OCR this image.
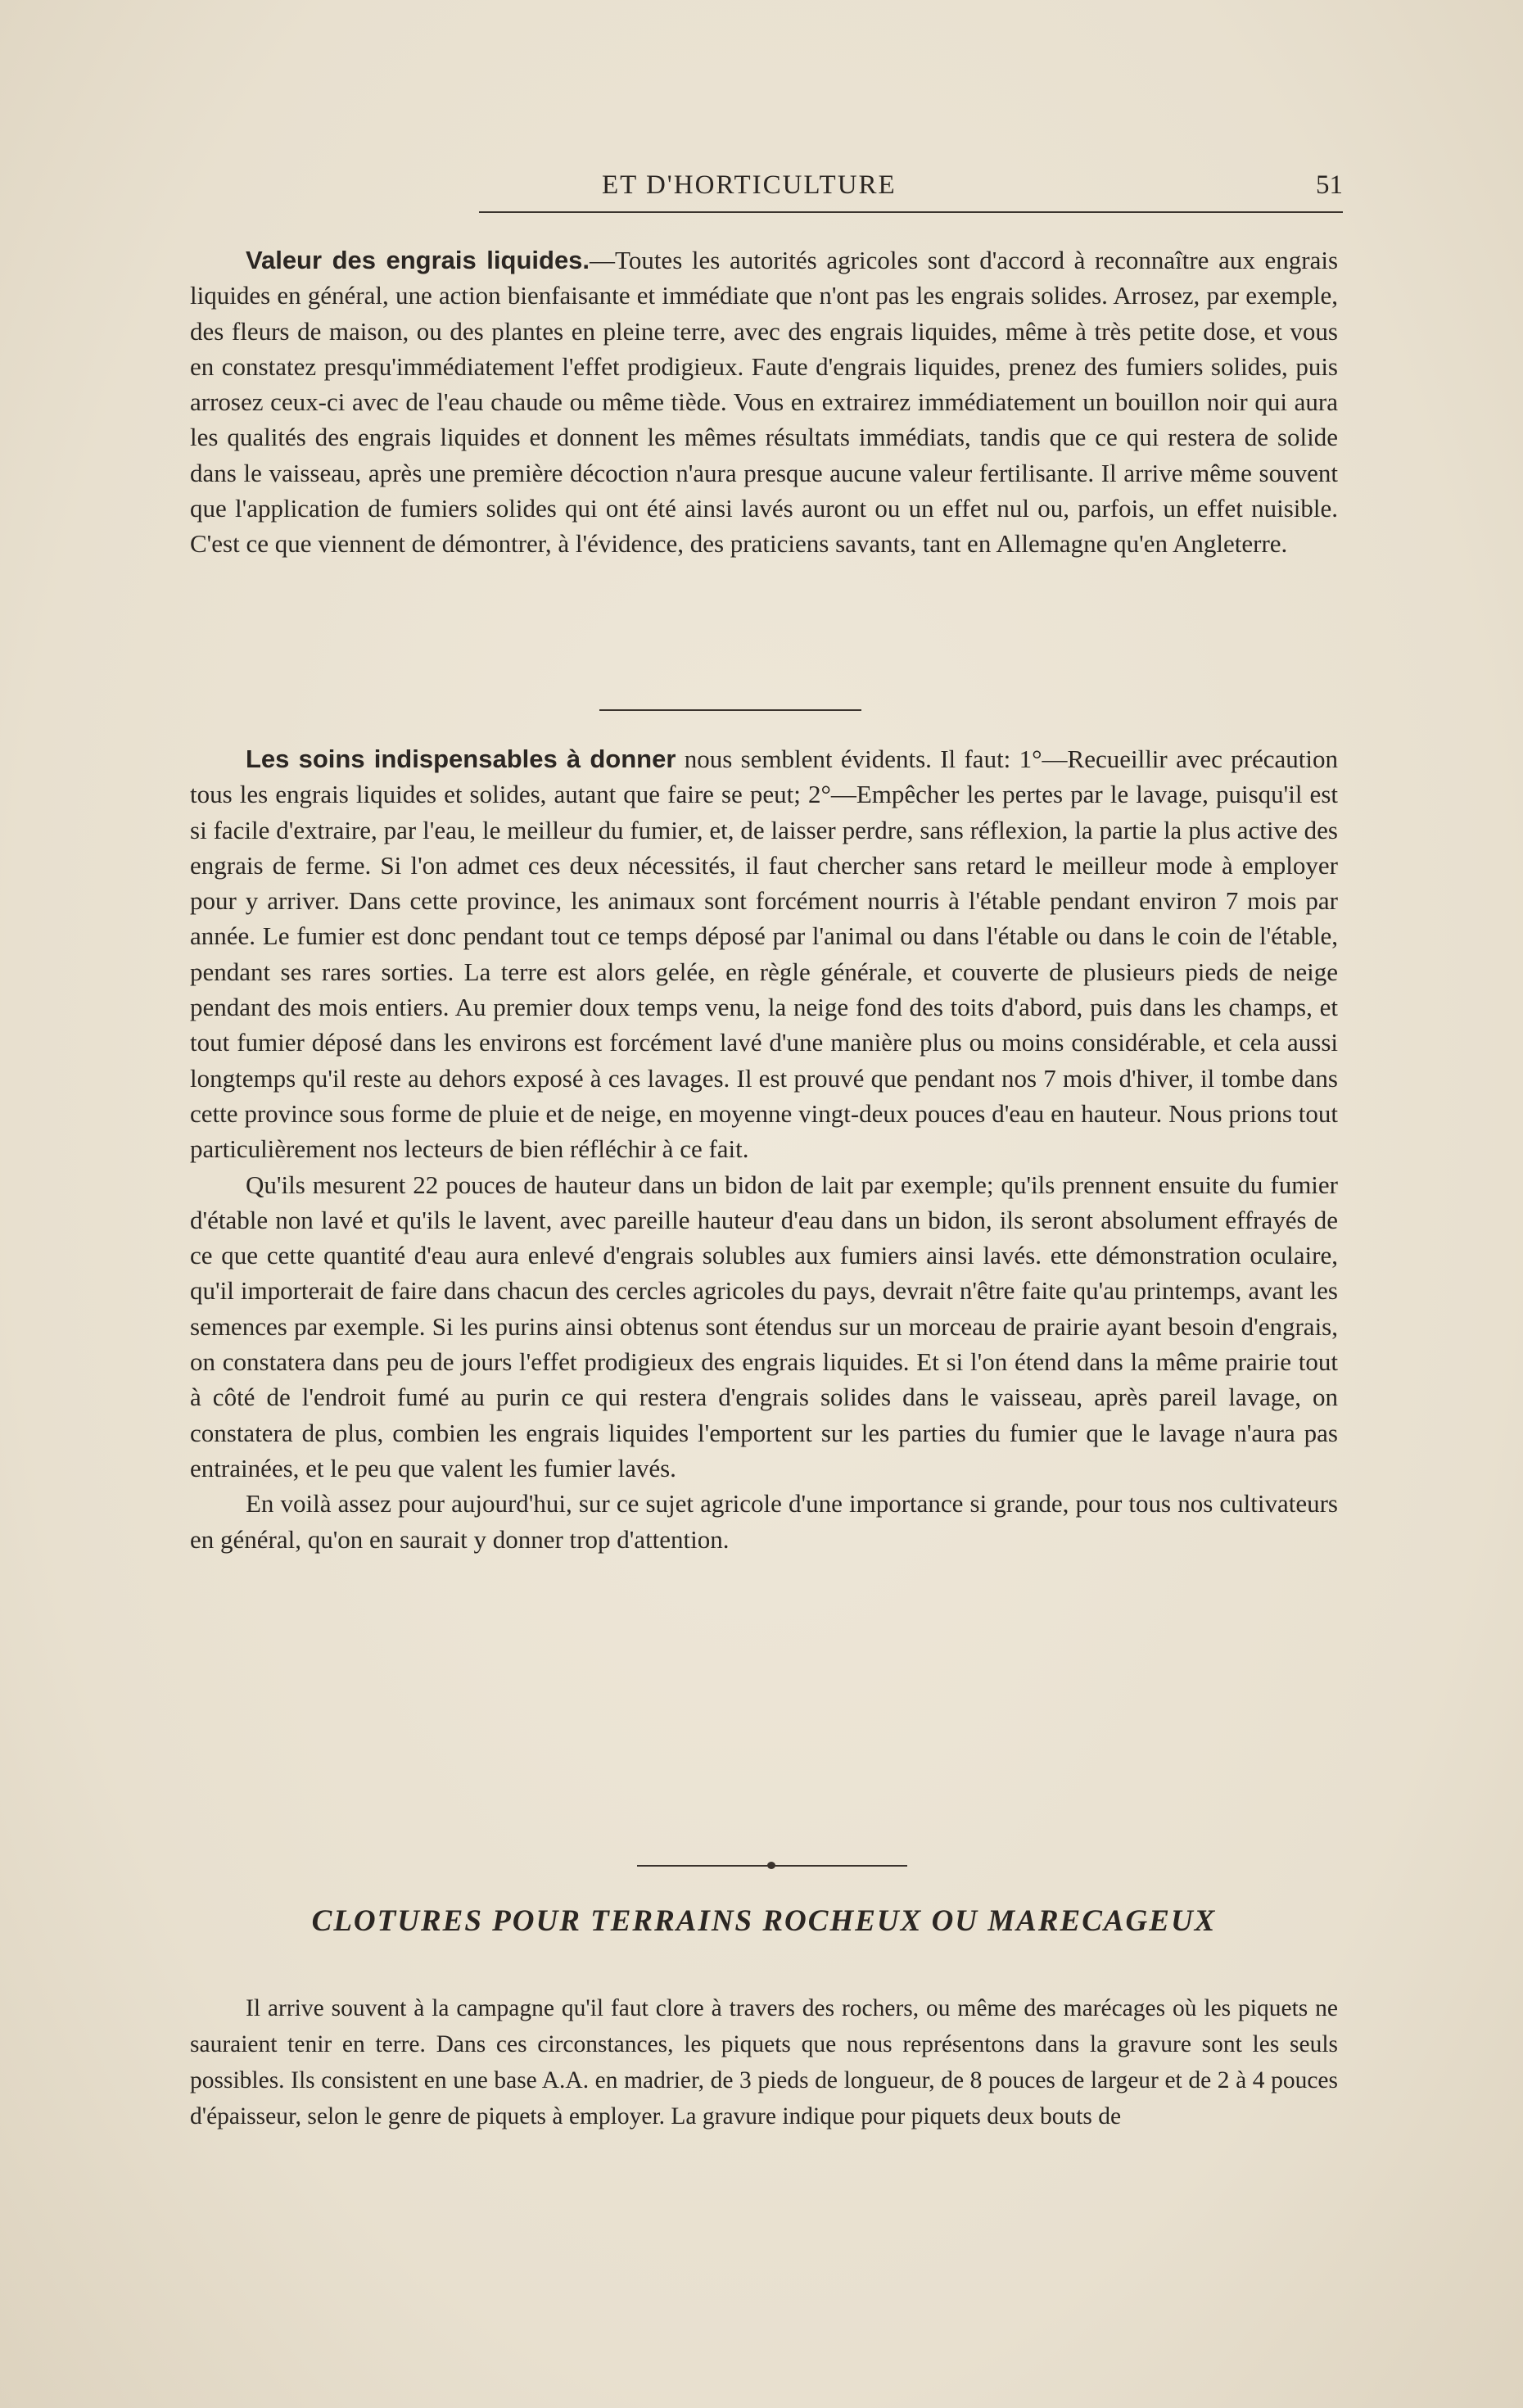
ET D'HORTICULTURE	51

Valeur des engrais liquides.—Toutes les autorités agricoles sont d'accord à reconnaître aux engrais liquides en général, une action bienfaisante et immédiate que n'ont pas les engrais solides. Arrosez, par exemple, des fleurs de maison, ou des plantes en pleine terre, avec des engrais liquides, même à très petite dose, et vous en constatez presqu'immédiatement l'effet prodigieux. Faute d'engrais liquides, prenez des fumiers solides, puis arrosez ceux-ci avec de l'eau chaude ou même tiède. Vous en extrairez immédiatement un bouillon noir qui aura les qualités des engrais liquides et donnent les mêmes résultats immédiats, tandis que ce qui restera de solide dans le vaisseau, après une première décoction n'aura presque aucune valeur fertilisante. Il arrive même souvent que l'application de fumiers solides qui ont été ainsi lavés auront ou un effet nul ou, parfois, un effet nuisible. C'est ce que viennent de démontrer, à l'évidence, des praticiens savants, tant en Allemagne qu'en Angleterre.

Les soins indispensables à donner nous semblent évidents. Il faut: 1°—Recueillir avec précaution tous les engrais liquides et solides, autant que faire se peut; 2°—Empêcher les pertes par le lavage, puisqu'il est si facile d'extraire, par l'eau, le meilleur du fumier, et, de laisser perdre, sans réflexion, la partie la plus active des engrais de ferme. Si l'on admet ces deux nécessités, il faut chercher sans retard le meilleur mode à employer pour y arriver. Dans cette province, les animaux sont forcément nourris à l'étable pendant environ 7 mois par année. Le fumier est donc pendant tout ce temps déposé par l'animal ou dans l'étable ou dans le coin de l'étable, pendant ses rares sorties. La terre est alors gelée, en règle générale, et couverte de plusieurs pieds de neige pendant des mois entiers. Au premier doux temps venu, la neige fond des toits d'abord, puis dans les champs, et tout fumier déposé dans les environs est forcément lavé d'une manière plus ou moins considérable, et cela aussi longtemps qu'il reste au dehors exposé à ces lavages. Il est prouvé que pendant nos 7 mois d'hiver, il tombe dans cette province sous forme de pluie et de neige, en moyenne vingt-deux pouces d'eau en hauteur. Nous prions tout particulièrement nos lecteurs de bien réfléchir à ce fait.

Qu'ils mesurent 22 pouces de hauteur dans un bidon de lait par exemple; qu'ils prennent ensuite du fumier d'étable non lavé et qu'ils le lavent, avec pareille hauteur d'eau dans un bidon, ils seront absolument effrayés de ce que cette quantité d'eau aura enlevé d'engrais solubles aux fumiers ainsi lavés. ette démonstration oculaire, qu'il importerait de faire dans chacun des cercles agricoles du pays, devrait n'être faite qu'au printemps, avant les semences par exemple. Si les purins ainsi obtenus sont étendus sur un morceau de prairie ayant besoin d'engrais, on constatera dans peu de jours l'effet prodigieux des engrais liquides. Et si l'on étend dans la même prairie tout à côté de l'endroit fumé au purin ce qui restera d'engrais solides dans le vaisseau, après pareil lavage, on constatera de plus, combien les engrais liquides l'emportent sur les parties du fumier que le lavage n'aura pas entrainées, et le peu que valent les fumier lavés.

En voilà assez pour aujourd'hui, sur ce sujet agricole d'une importance si grande, pour tous nos cultivateurs en général, qu'on en saurait y donner trop d'attention.

CLOTURES POUR TERRAINS ROCHEUX OU MARECAGEUX

Il arrive souvent à la campagne qu'il faut clore à travers des rochers, ou même des marécages où les piquets ne sauraient tenir en terre. Dans ces circonstances, les piquets que nous représentons dans la gravure sont les seuls possibles. Ils consistent en une base A.A. en madrier, de 3 pieds de longueur, de 8 pouces de largeur et de 2 à 4 pouces d'épaisseur, selon le genre de piquets à employer. La gravure indique pour piquets deux bouts de
